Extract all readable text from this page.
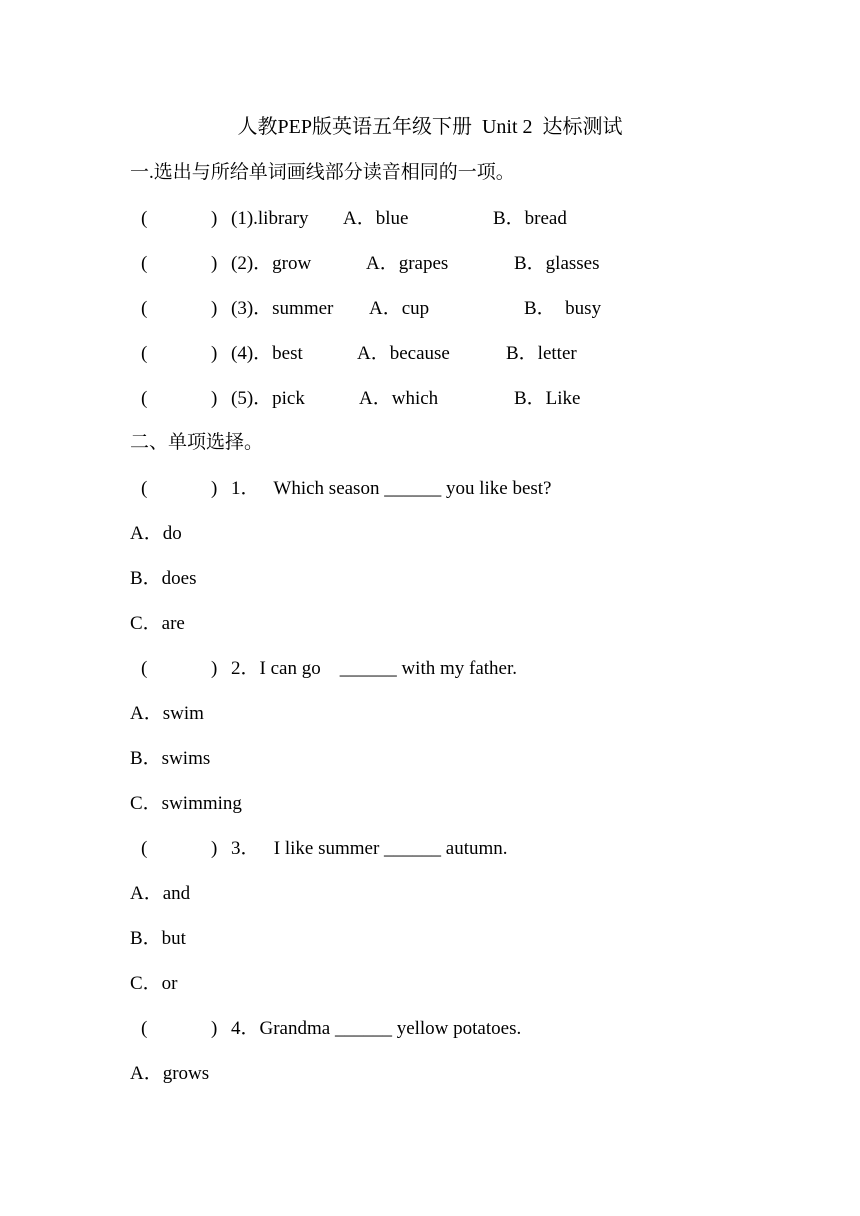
人教PEP版英语五年级下册  Unit 2  达标测试
一.选出与所给单词画线部分读音相同的一项。
(	) (1).library A．blue	B．bread
(	) (2)．grow	A．grapes	B．glasses
(	) (3)．summer A．cup	B．  busy
(	) (4)．best	A．because	B．letter
(	) (5)．pick	A．which	B．Like
二、单项选择。
(	) 1．   Which season ______ you like best?
A．do
B．does
C．are
(	) 2．I can go    ______ with my father.
A．swim
B．swims
C．swimming
(	) 3．   I like summer ______ autumn.
A．and
B．but
C．or
(	) 4．Grandma ______ yellow potatoes.
A．grows
